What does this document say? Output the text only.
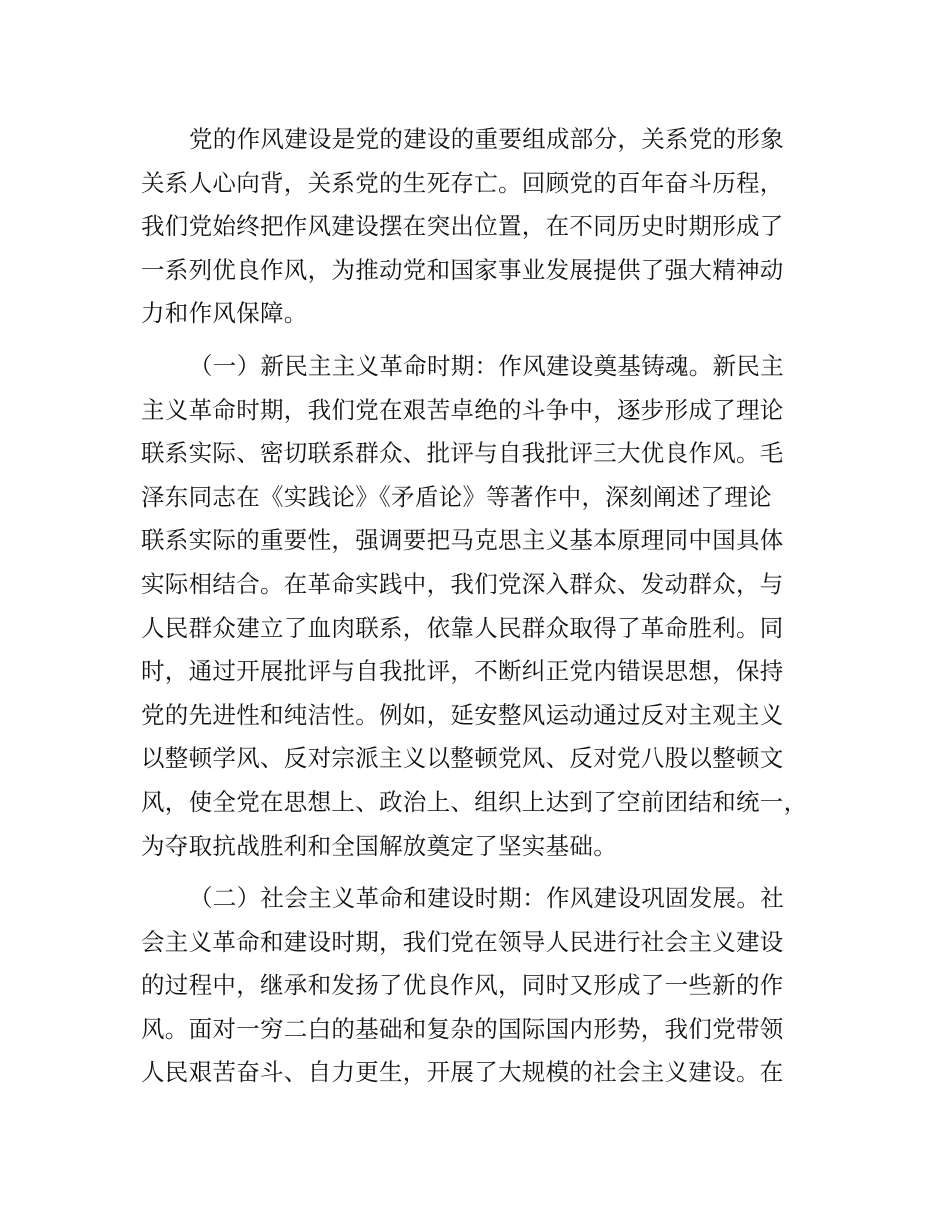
党的作风建设是党的建设的重要组成部分，关系党的形象
关系人心向背，关系党的生死存亡。回顾党的百年奋斗历程，
我们党始终把作风建设摆在突出位置，在不同历史时期形成了
一系列优良作风，为推动党和国家事业发展提供了强大精神动
力和作风保障。
（一）新民主主义革命时期：作风建设奠基铸魂。新民主
主义革命时期，我们党在艰苦卓绝的斗争中，逐步形成了理论
联系实际、密切联系群众、批评与自我批评三大优良作风。毛
泽东同志在《实践论》《矛盾论》等著作中，深刻阐述了理论
联系实际的重要性，强调要把马克思主义基本原理同中国具体
实际相结合。在革命实践中，我们党深入群众、发动群众，与
人民群众建立了血肉联系，依靠人民群众取得了革命胜利。同
时，通过开展批评与自我批评，不断纠正党内错误思想，保持
党的先进性和纯洁性。例如，延安整风运动通过反对主观主义
以整顿学风、反对宗派主义以整顿党风、反对党八股以整顿文
风，使全党在思想上、政治上、组织上达到了空前团结和统一，
为夺取抗战胜利和全国解放奠定了坚实基础。
（二）社会主义革命和建设时期：作风建设巩固发展。社
会主义革命和建设时期，我们党在领导人民进行社会主义建设
的过程中，继承和发扬了优良作风，同时又形成了一些新的作
风。面对一穷二白的基础和复杂的国际国内形势，我们党带领
人民艰苦奋斗、自力更生，开展了大规模的社会主义建设。在
